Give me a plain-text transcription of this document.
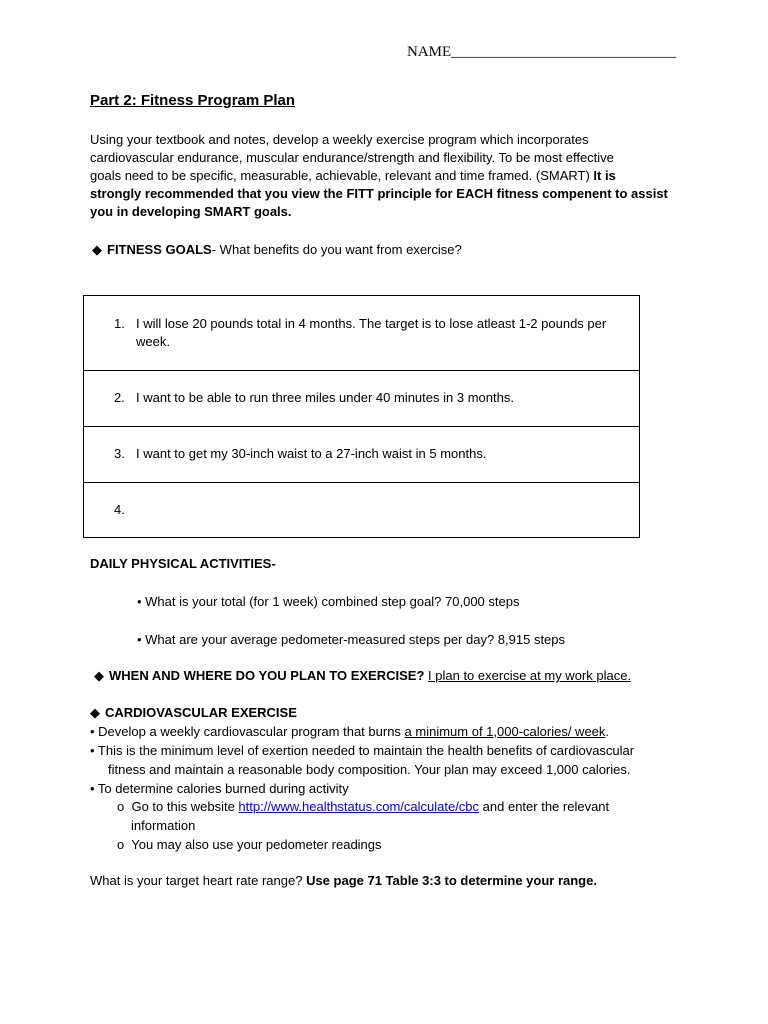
NAME______________________________
Part 2: Fitness Program Plan
Using your textbook and notes, develop a weekly exercise program which incorporates
cardiovascular endurance, muscular endurance/strength and flexibility. To be most effective
goals need to be specific, measurable, achievable, relevant and time framed. (SMART) It is
strongly recommended that you view the FITT principle for EACH fitness compenent to assist
you in developing SMART goals.
◆ FITNESS GOALS- What benefits do you want from exercise?
1. I will lose 20 pounds total in 4 months. The target is to lose atleast 1-2 pounds per week.
2. I want to be able to run three miles under 40 minutes in 3 months.
3. I want to get my 30-inch waist to a 27-inch waist in 5 months.
4.
DAILY PHYSICAL ACTIVITIES-
• What is your total (for 1 week) combined step goal? 70,000 steps
• What are your average pedometer-measured steps per day? 8,915 steps
◆ WHEN AND WHERE DO YOU PLAN TO EXERCISE? I plan to exercise at my work place.
◆ CARDIOVASCULAR EXERCISE
• Develop a weekly cardiovascular program that burns a minimum of 1,000-calories/ week.
• This is the minimum level of exertion needed to maintain the health benefits of cardiovascular
fitness and maintain a reasonable body composition. Your plan may exceed 1,000 calories.
• To determine calories burned during activity
o Go to this website http://www.healthstatus.com/calculate/cbc and enter the relevant
information
o You may also use your pedometer readings
What is your target heart rate range? Use page 71 Table 3:3 to determine your range.
